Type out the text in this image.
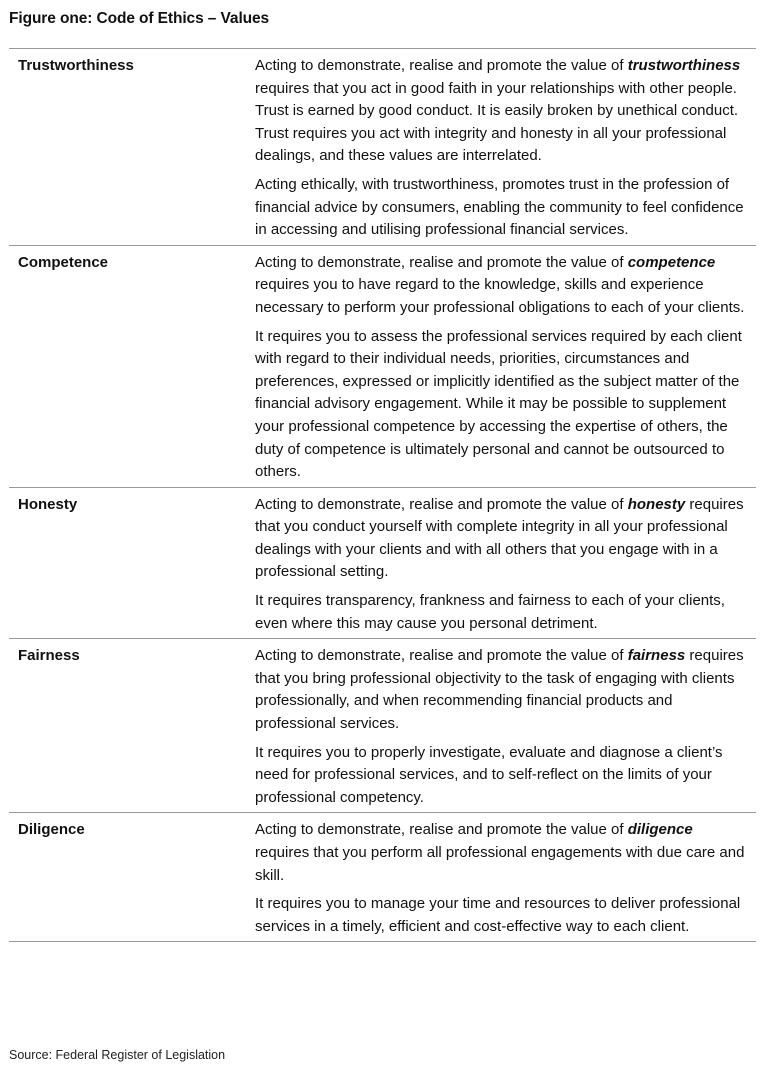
Figure one: Code of Ethics – Values
Trustworthiness	Acting to demonstrate, realise and promote the value of trustworthiness requires that you act in good faith in your relationships with other people. Trust is earned by good conduct. It is easily broken by unethical conduct. Trust requires you act with integrity and honesty in all your professional dealings, and these values are interrelated.

Acting ethically, with trustworthiness, promotes trust in the profession of financial advice by consumers, enabling the community to feel confidence in accessing and utilising professional financial services.

Competence	Acting to demonstrate, realise and promote the value of competence requires you to have regard to the knowledge, skills and experience necessary to perform your professional obligations to each of your clients.

It requires you to assess the professional services required by each client with regard to their individual needs, priorities, circumstances and preferences, expressed or implicitly identified as the subject matter of the financial advisory engagement. While it may be possible to supplement your professional competence by accessing the expertise of others, the duty of competence is ultimately personal and cannot be outsourced to others.

Honesty	Acting to demonstrate, realise and promote the value of honesty requires that you conduct yourself with complete integrity in all your professional dealings with your clients and with all others that you engage with in a professional setting.

It requires transparency, frankness and fairness to each of your clients, even where this may cause you personal detriment.

Fairness	Acting to demonstrate, realise and promote the value of fairness requires that you bring professional objectivity to the task of engaging with clients professionally, and when recommending financial products and professional services.

It requires you to properly investigate, evaluate and diagnose a client’s need for professional services, and to self-reflect on the limits of your professional competency.

Diligence	Acting to demonstrate, realise and promote the value of diligence requires that you perform all professional engagements with due care and skill.

It requires you to manage your time and resources to deliver professional services in a timely, efficient and cost-effective way to each client.

Source: Federal Register of Legislation
